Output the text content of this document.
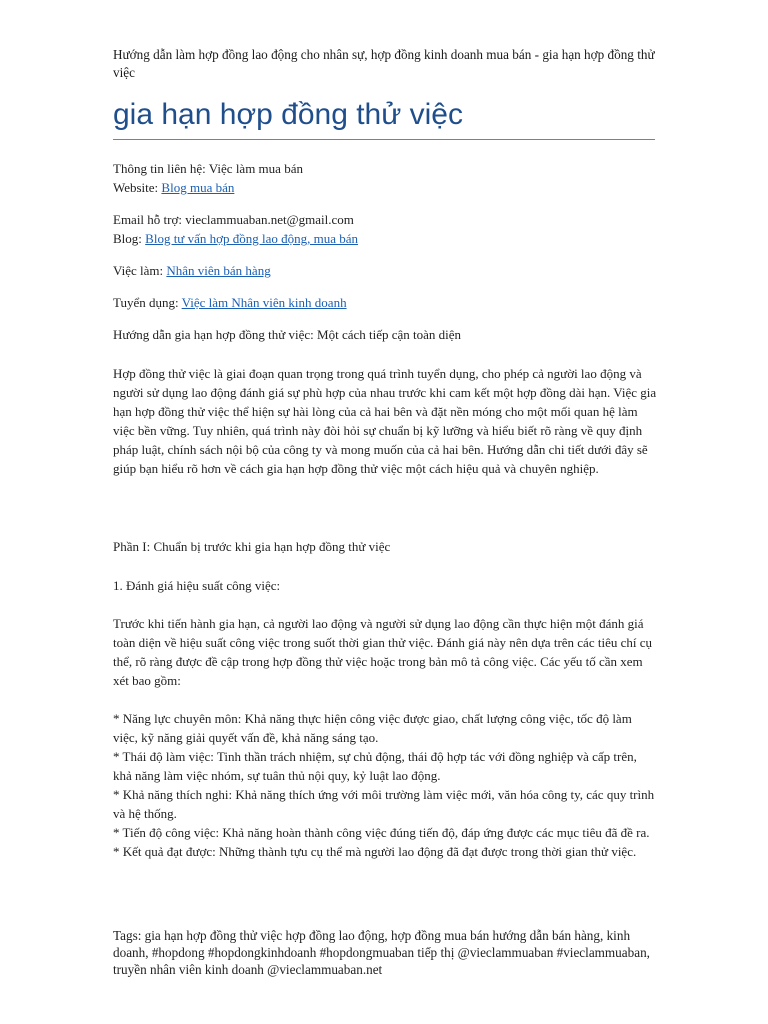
Hướng dẫn làm hợp đồng lao động cho nhân sự, hợp đồng kinh doanh mua bán - gia hạn hợp đồng thử việc
gia hạn hợp đồng thử việc
Thông tin liên hệ: Việc làm mua bán
Website: Blog mua bán
Email hỗ trợ: vieclammuaban.net@gmail.com
Blog: Blog tư vấn hợp đồng lao động, mua bán
Việc làm: Nhân viên bán hàng
Tuyển dụng: Việc làm Nhân viên kinh doanh
Hướng dẫn gia hạn hợp đồng thử việc: Một cách tiếp cận toàn diện
Hợp đồng thử việc là giai đoạn quan trọng trong quá trình tuyển dụng, cho phép cả người lao động và người sử dụng lao động đánh giá sự phù hợp của nhau trước khi cam kết một hợp đồng dài hạn. Việc gia hạn hợp đồng thử việc thể hiện sự hài lòng của cả hai bên và đặt nền móng cho một mối quan hệ làm việc bền vững. Tuy nhiên, quá trình này đòi hỏi sự chuẩn bị kỹ lưỡng và hiểu biết rõ ràng về quy định pháp luật, chính sách nội bộ của công ty và mong muốn của cả hai bên. Hướng dẫn chi tiết dưới đây sẽ giúp bạn hiểu rõ hơn về cách gia hạn hợp đồng thử việc một cách hiệu quả và chuyên nghiệp.
Phần I: Chuẩn bị trước khi gia hạn hợp đồng thử việc
1. Đánh giá hiệu suất công việc:
Trước khi tiến hành gia hạn, cả người lao động và người sử dụng lao động cần thực hiện một đánh giá toàn diện về hiệu suất công việc trong suốt thời gian thử việc. Đánh giá này nên dựa trên các tiêu chí cụ thể, rõ ràng được đề cập trong hợp đồng thử việc hoặc trong bản mô tả công việc. Các yếu tố cần xem xét bao gồm:
* Năng lực chuyên môn: Khả năng thực hiện công việc được giao, chất lượng công việc, tốc độ làm việc, kỹ năng giải quyết vấn đề, khả năng sáng tạo.
* Thái độ làm việc: Tinh thần trách nhiệm, sự chủ động, thái độ hợp tác với đồng nghiệp và cấp trên, khả năng làm việc nhóm, sự tuân thủ nội quy, kỷ luật lao động.
* Khả năng thích nghi: Khả năng thích ứng với môi trường làm việc mới, văn hóa công ty, các quy trình và hệ thống.
* Tiến độ công việc: Khả năng hoàn thành công việc đúng tiến độ, đáp ứng được các mục tiêu đã đề ra.
* Kết quả đạt được: Những thành tựu cụ thể mà người lao động đã đạt được trong thời gian thử việc.
Tags: gia hạn hợp đồng thử việc hợp đồng lao động, hợp đồng mua bán hướng dẫn bán hàng, kinh doanh, #hopdong #hopdongkinhdoanh #hopdongmuaban tiếp thị @vieclammuaban #vieclammuaban, truyền nhân viên kinh doanh @vieclammuaban.net
